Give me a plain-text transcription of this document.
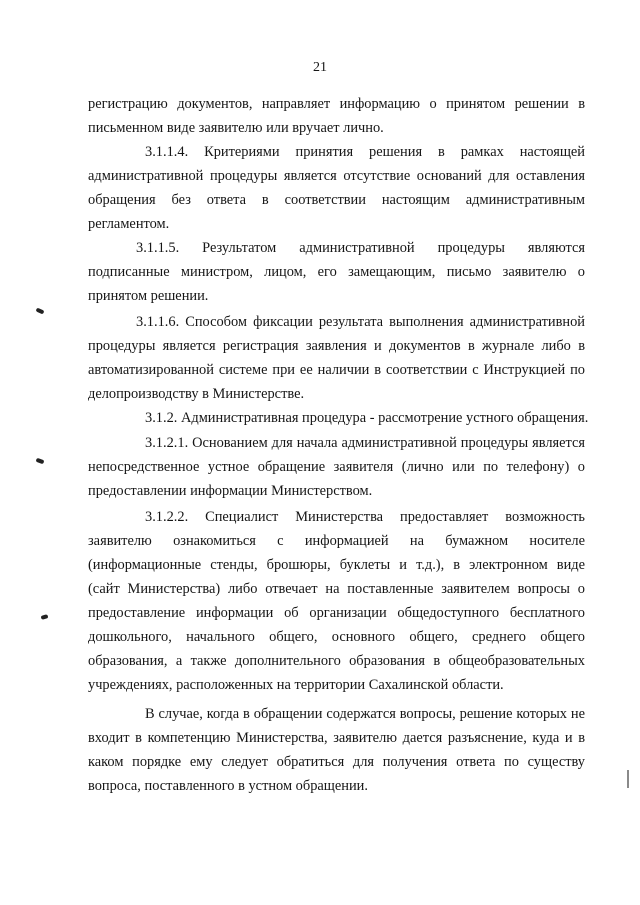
21
регистрацию документов, направляет информацию о принятом решении в
письменном виде заявителю или вручает лично.
3.1.1.4. Критериями принятия решения в рамках настоящей
административной процедуры является отсутствие оснований для оставления
обращения без ответа в соответствии настоящим административным
регламентом.
3.1.1.5. Результатом административной процедуры являются
подписанные министром, лицом, его замещающим, письмо заявителю о
принятом решении.
3.1.1.6. Способом фиксации результата выполнения административной
процедуры является регистрация заявления и документов в журнале либо в
автоматизированной системе при ее наличии в соответствии с Инструкцией по
делопроизводству в Министерстве.
3.1.2. Административная процедура - рассмотрение устного обращения.
3.1.2.1. Основанием для начала административной процедуры является
непосредственное устное обращение заявителя (лично или по телефону) о
предоставлении информации Министерством.
3.1.2.2. Специалист Министерства предоставляет возможность
заявителю ознакомиться с информацией на бумажном носителе
(информационные стенды, брошюры, буклеты и т.д.), в электронном виде
(сайт Министерства) либо отвечает на поставленные заявителем вопросы о
предоставление информации об организации общедоступного бесплатного
дошкольного, начального общего, основного общего, среднего общего
образования, а также дополнительного образования в общеобразовательных
учреждениях, расположенных на территории Сахалинской области.
В случае, когда в обращении содержатся вопросы, решение которых не
входит в компетенцию Министерства, заявителю дается разъяснение, куда и в
каком порядке ему следует обратиться для получения ответа по существу
вопроса, поставленного в устном обращении.
